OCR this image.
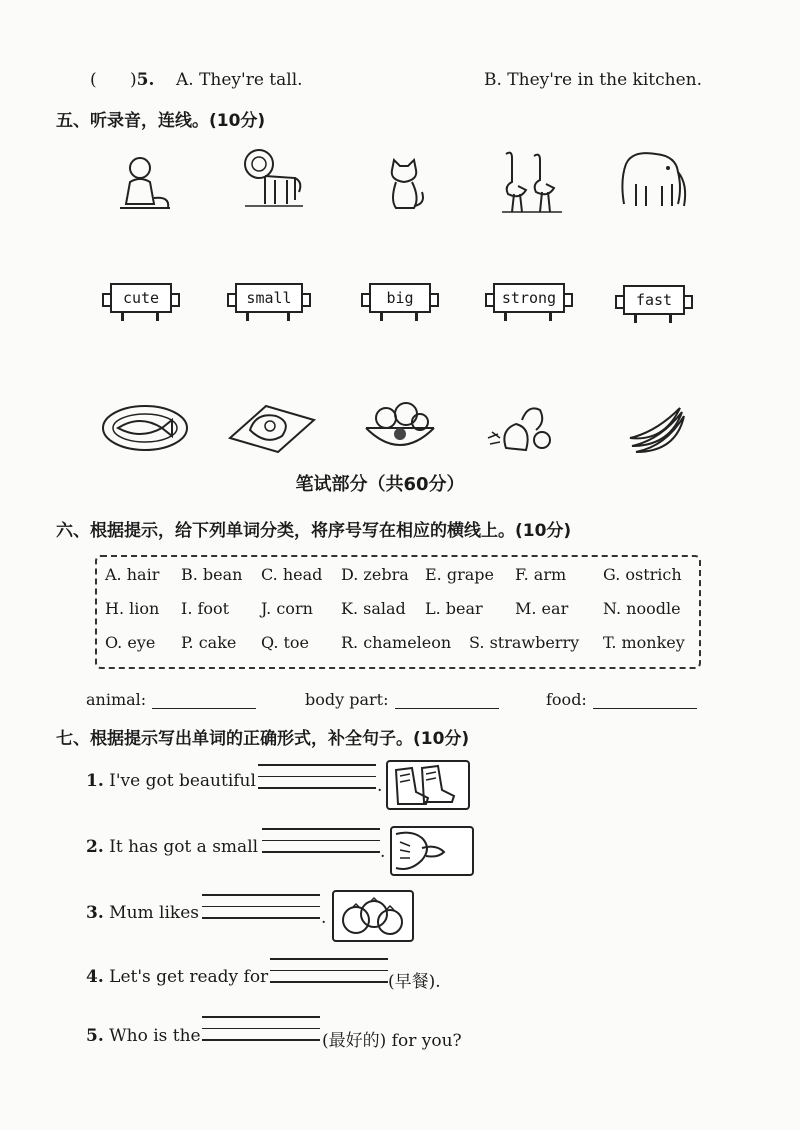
( )5. A. They're tall.	B. They're in the kitchen.
五、听录音，连线。(10分)
cute	small	big	strong	fast
笔试部分（共60分）
六、根据提示，给下列单词分类，将序号写在相应的横线上。(10分)
A. hair B. bean C. head D. zebra E. grape F. arm G. ostrich
H. lion I. foot J. corn K. salad L. bear M. ear N. noodle
O. eye P. cake Q. toe R. chameleon S. strawberry T. monkey
animal:	body part:	food:
七、根据提示写出单词的正确形式，补全句子。(10分)
1. I've got beautiful	.
2. It has got a small	.
3. Mum likes	.
4. Let's get ready for	(早餐).
5. Who is the	(最好的) for you?
